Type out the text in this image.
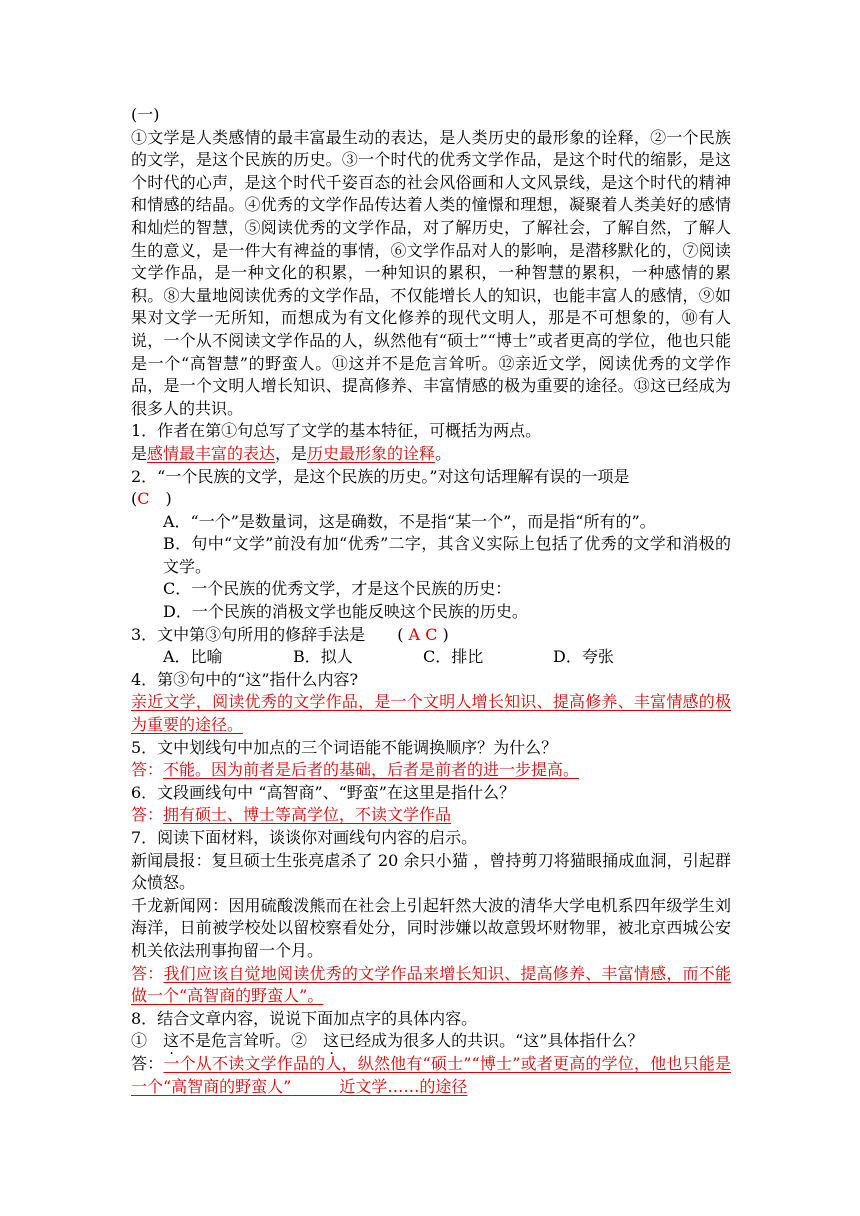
(一)

①文学是人类感情的最丰富最生动的表达，是人类历史的最形象的诠释，②一个民族的文学，是这个民族的历史。③一个时代的优秀文学作品，是这个时代的缩影，是这个时代的心声，是这个时代千姿百态的社会风俗画和人文风景线，是这个时代的精神和情感的结晶。④优秀的文学作品传达着人类的憧憬和理想，凝聚着人类美好的感情和灿烂的智慧，⑤阅读优秀的文学作品，对了解历史，了解社会，了解自然，了解人生的意义，是一件大有裨益的事情，⑥文学作品对人的影响，是潜移默化的，⑦阅读文学作品，是一种文化的积累，一种知识的累积，一种智慧的累积，一种感情的累积。⑧大量地阅读优秀的文学作品，不仅能增长人的知识，也能丰富人的感情，⑨如果对文学一无所知，而想成为有文化修养的现代文明人，那是不可想象的，⑩有人说，一个从不阅读文学作品的人，纵然他有“硕士”“博士”或者更高的学位，他也只能是一个“高智慧”的野蛮人。⑪这并不是危言耸听。⑫亲近文学，阅读优秀的文学作品，是一个文明人增长知识、提高修养、丰富情感的极为重要的途径。⑬这已经成为很多人的共识。

1．作者在第①句总写了文学的基本特征，可概括为两点。

是感情最丰富的表达，是历史最形象的诠释。

2．“一个民族的文学，是这个民族的历史。”对这句话理解有误的一项是

(C　)

A．“一个”是数量词，这是确数，不是指“某一个”，而是指“所有的”。

B．句中“文学”前没有加“优秀”二字，其含义实际上包括了优秀的文学和消极的文学。

C．一个民族的优秀文学，才是这个民族的历史：

D．一个民族的消极文学也能反映这个民族的历史。

3．文中第③句所用的修辞手法是　　 ( A C )

A．比喻	B．拟人	C．排比	D．夸张

4．第③句中的“这”指什么内容?

亲近文学，阅读优秀的文学作品，是一个文明人增长知识、提高修养、丰富情感的极为重要的途径。

5．文中划线句中加点的三个词语能不能调换顺序？为什么？

答：不能。因为前者是后者的基础，后者是前者的进一步提高。

6．文段画线句中 “高智商”、“野蛮”在这里是指什么？

答：拥有硕士、博士等高学位，不读文学作品

7．阅读下面材料，谈谈你对画线句内容的启示。

新闻晨报：复旦硕士生张亮虐杀了 20 余只小猫 ，曾持剪刀将猫眼捅成血洞，引起群众愤怒。

千龙新闻网：因用硫酸泼熊而在社会上引起轩然大波的清华大学电机系四年级学生刘海洋，日前被学校处以留校察看处分，同时涉嫌以故意毁坏财物罪，被北京西城公安机关依法刑事拘留一个月。

答：我们应该自觉地阅读优秀的文学作品来增长知识、提高修养、丰富情感，而不能做一个“高智商的野蛮人”。

8．结合文章内容，说说下面加点字的具体内容。

①　这不是危言耸听。②　这已经成为很多人的共识。“这”具体指什么？

答：一个从不读文学作品的人，纵然他有“硕士”“博士”或者更高的学位，他也只能是一个“高智商的野蛮人”　　　	近文学……的途径
